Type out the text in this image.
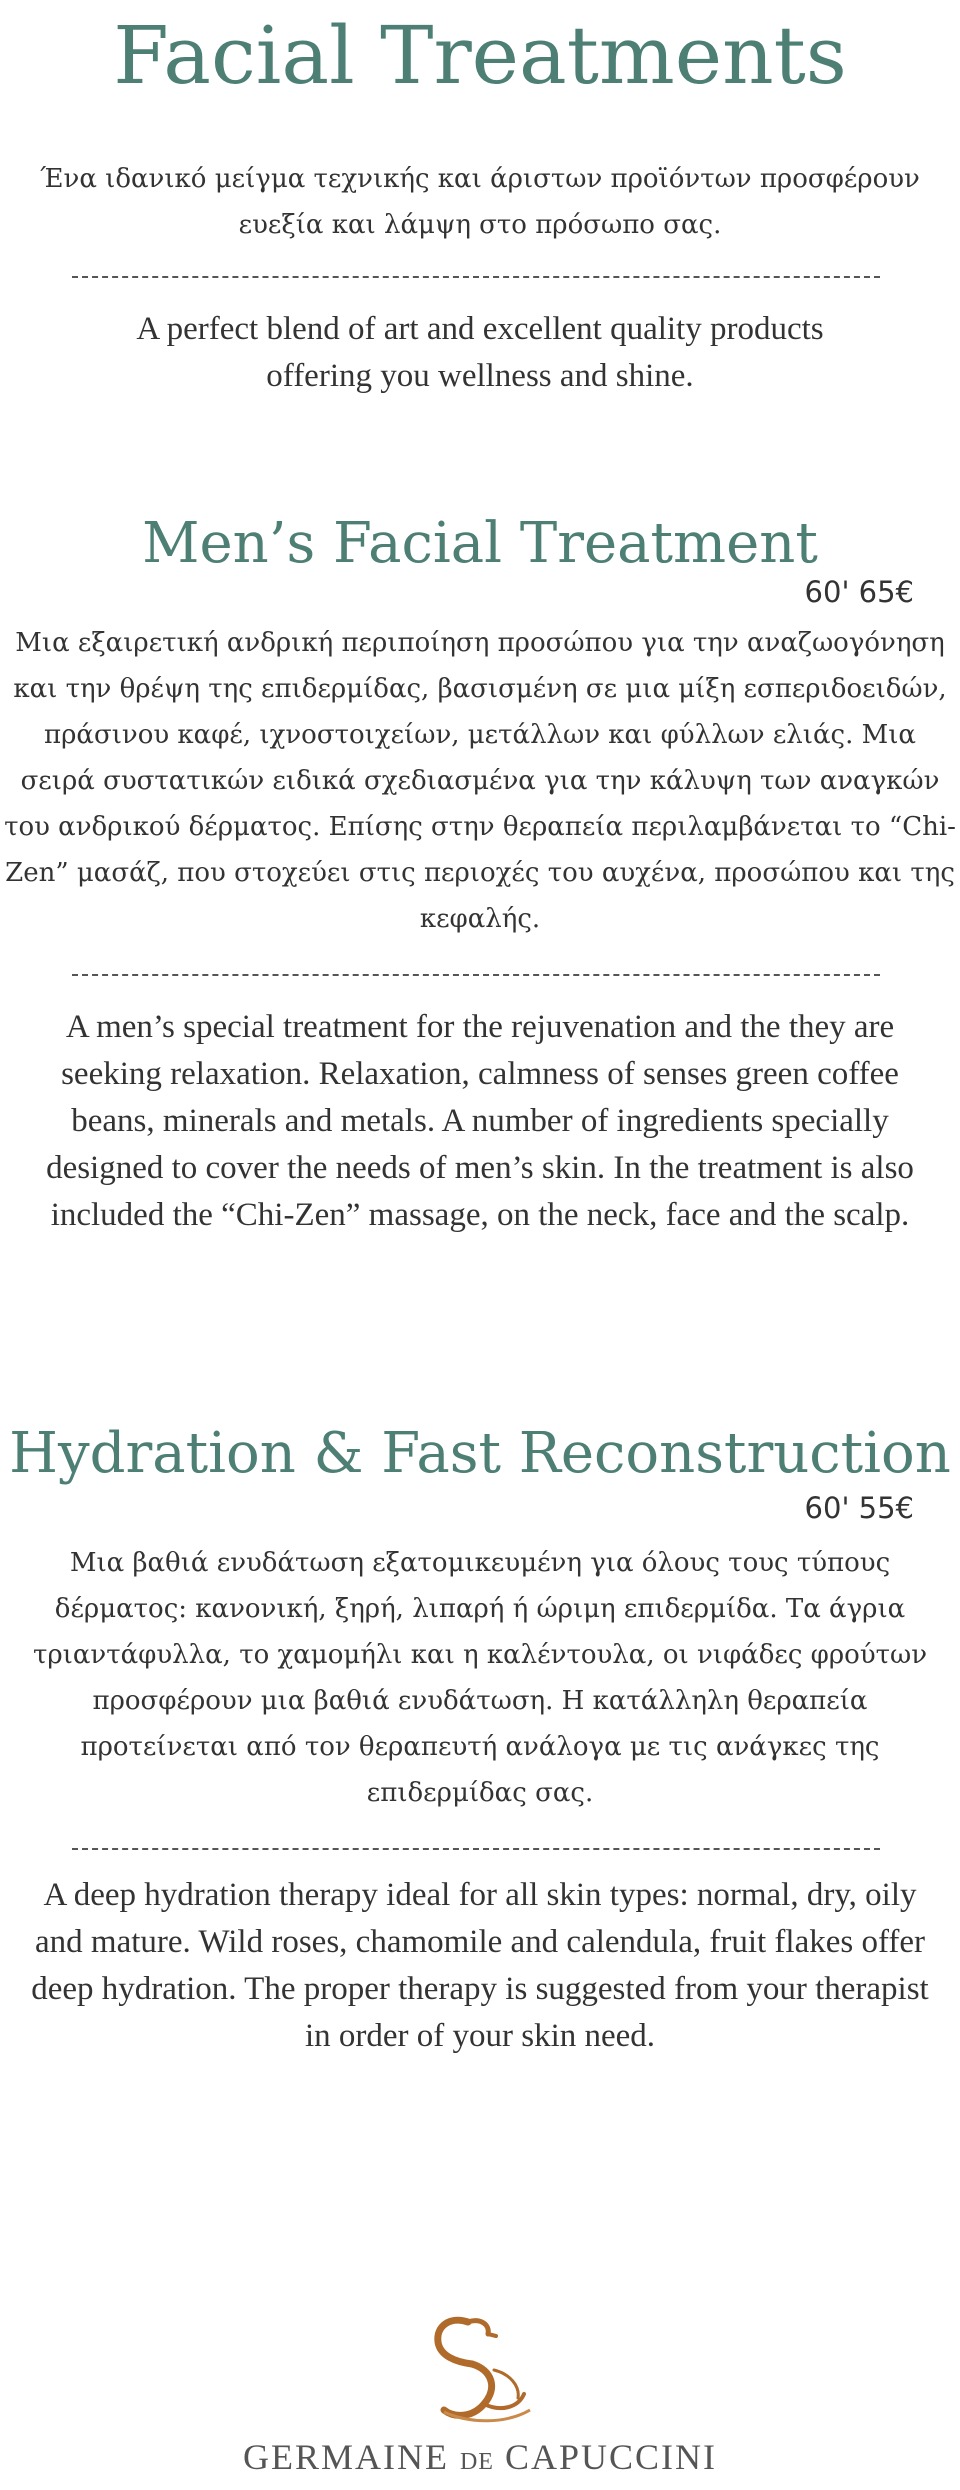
Facial Treatments

Ένα ιδανικό μείγμα τεχνικής και άριστων προϊόντων προσφέρουν ευεξία και λάμψη στο πρόσωπο σας.

A perfect blend of art and excellent quality products offering you wellness and shine.

Men’s Facial Treatment
60' 65€

Μια εξαιρετική ανδρική περιποίηση προσώπου για την αναζωογόνηση και την θρέψη της επιδερμίδας, βασισμένη σε μια μίξη εσπεριδοειδών, πράσινου καφέ, ιχνοστοιχείων, μετάλλων και φύλλων ελιάς. Μια σειρά συστατικών ειδικά σχεδιασμένα για την κάλυψη των αναγκών του ανδρικού δέρματος. Επίσης στην θεραπεία περιλαμβάνεται το “Chi-Zen” μασάζ, που στοχεύει στις περιοχές του αυχένα, προσώπου και της κεφαλής.

A men’s special treatment for the rejuvenation and the they are seeking relaxation. Relaxation, calmness of senses green coffee beans, minerals and metals. A number of ingredients specially designed to cover the needs of men’s skin. In the treatment is also included the “Chi-Zen” massage, on the neck, face and the scalp.

Hydration & Fast Reconstruction
60' 55€

Μια βαθιά ενυδάτωση εξατομικευμένη για όλους τους τύπους δέρματος: κανονική, ξηρή, λιπαρή ή ώριμη επιδερμίδα. Τα άγρια τριαντάφυλλα, το χαμομήλι και η καλέντουλα, οι νιφάδες φρούτων προσφέρουν μια βαθιά ενυδάτωση. Η κατάλληλη θεραπεία προτείνεται από τον θεραπευτή ανάλογα με τις ανάγκες της επιδερμίδας σας.

A deep hydration therapy ideal for all skin types: normal, dry, oily and mature. Wild roses, chamomile and calendula, fruit flakes offer deep hydration. The proper therapy is suggested from your therapist in order of your skin need.

GERMAINE DE CAPUCCINI
